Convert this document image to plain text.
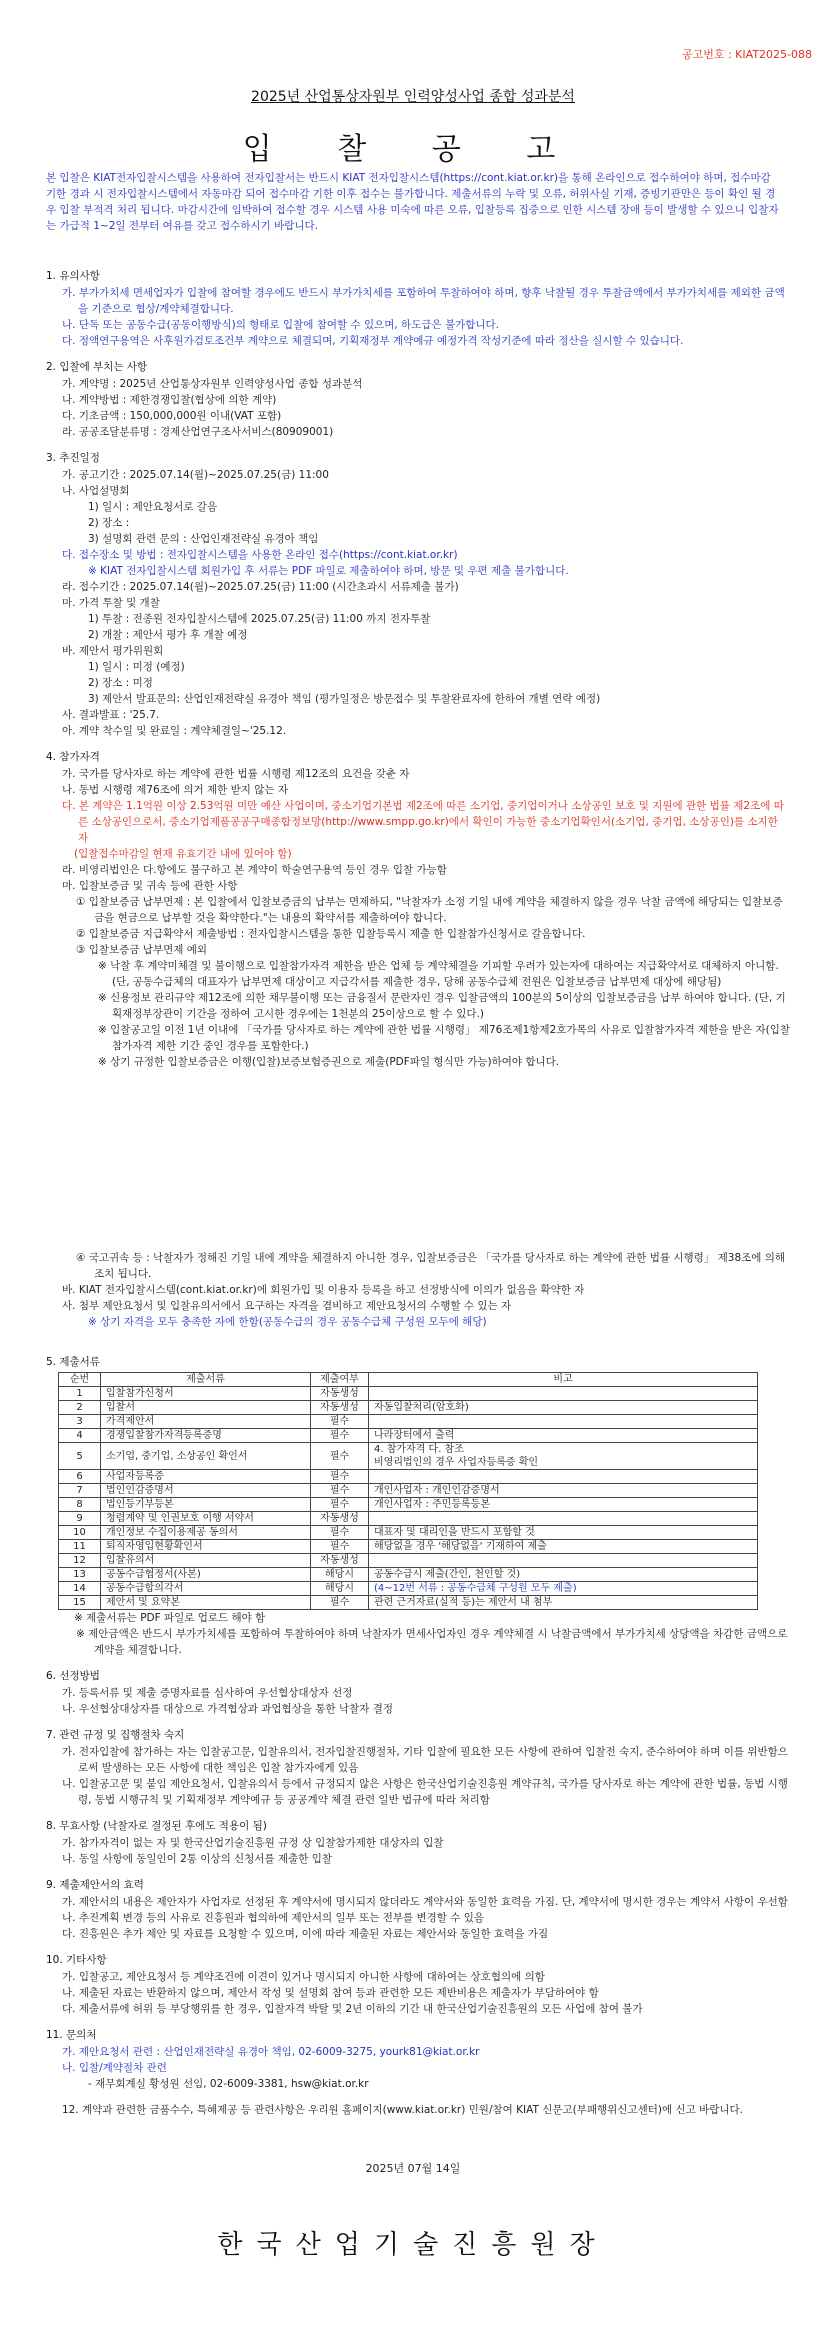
공고번호 : KIAT2025-088
2025년 산업통상자원부 인력양성사업 종합 성과분석
입 찰 공 고
본 입찰은 KIAT전자입찰시스템을 사용하여 전자입찰서는 반드시 KIAT 전자입찰시스템(https://cont.kiat.or.kr)을 통해 온라인으로 접수하여야 하며, 접수마감 기한 경과 시 전자입찰시스템에서 자동마감 되어 접수마감 기한 이후 접수는 불가합니다. 제출서류의 누락 및 오류, 허위사실 기재, 증빙기관만은 등이 확인 될 경우 입찰 부적격 처리 됩니다. 마감시간에 임박하여 접수할 경우 시스템 사용 미숙에 따른 오류, 입찰등록 집중으로 인한 시스템 장애 등이 발생할 수 있으니 입찰자는 가급적 1~2일 전부터 여유를 갖고 접수하시기 바랍니다.
1. 유의사항
가. 부가가치세 면세업자가 입찰에 참여할 경우에도 반드시 부가가치세를 포함하여 투찰하여야 하며, 향후 낙찰될 경우 투찰금액에서 부가가치세를 제외한 금액을 기준으로 협상/계약체결합니다.
나. 단독 또는 공동수급(공동이행방식)의 형태로 입찰에 참여할 수 있으며, 하도급은 불가합니다.
다. 정액연구용역은 사후원가검토조건부 계약으로 체결되며, 기획재정부 계약예규 예정가격 작성기준에 따라 정산을 실시할 수 있습니다.
2. 입찰에 부치는 사항
가. 계약명 : 2025년 산업통상자원부 인력양성사업 종합 성과분석
나. 계약방법 : 제한경쟁입찰(협상에 의한 계약)
다. 기초금액 : 150,000,000원 이내(VAT 포함)
라. 공공조달분류명 : 경제산업연구조사서비스(80909001)
3. 추진일정
가. 공고기간 : 2025.07.14(월)~2025.07.25(금) 11:00
나. 사업설명회
1) 일시 : 제안요청서로 갈음
2) 장소 :
3) 설명회 관련 문의 : 산업인재전략실 유경아 책임
다. 접수장소 및 방법 : 전자입찰시스템을 사용한 온라인 접수(https://cont.kiat.or.kr)
※ KIAT 전자입찰시스템 회원가입 후 서류는 PDF 파일로 제출하여야 하며, 방문 및 우편 제출 불가합니다.
라. 접수기간 : 2025.07.14(월)~2025.07.25(금) 11:00 (시간초과시 서류제출 불가)
마. 가격 투찰 및 개찰
1) 투찰 : 전종원 전자입찰시스템에 2025.07.25(금) 11:00 까지 전자투찰
2) 개찰 : 제안서 평가 후 개찰 예정
바. 제안서 평가위원회
1) 일시 : 미정 (예정)
2) 장소 : 미정
3) 제안서 발표문의: 산업인재전략실 유경아 책임 (평가일정은 방문접수 및 투찰완료자에 한하여 개별 연락 예정)
사. 결과발표 : '25.7.
아. 계약 착수일 및 완료일 : 계약체결일~'25.12.
4. 참가자격
가. 국가를 당사자로 하는 계약에 관한 법률 시행령 제12조의 요건을 갖춘 자
나. 동법 시행령 제76조에 의거 제한 받지 않는 자
다. 본 계약은 1.1억원 이상 2.53억원 미만 예산 사업이며, 중소기업기본법 제2조에 따른 소기업, 중기업이거나 소상공인 보호 및 지원에 관한 법률 제2조에 따른 소상공인으로서, 중소기업제품공공구매종합정보망(http://www.smpp.go.kr)에서 확인이 가능한 중소기업확인서(소기업, 중기업, 소상공인)를 소지한 자
(입찰접수마감일 현재 유효기간 내에 있어야 함)
라. 비영리법인은 다.항에도 불구하고 본 계약이 학술연구용역 등인 경우 입찰 가능함
마. 입찰보증금 및 귀속 등에 관한 사항
① 입찰보증금 납부면제 : 본 입찰에서 입찰보증금의 납부는 면제하되, "낙찰자가 소정 기일 내에 계약을 체결하지 않을 경우 낙찰 금액에 해당되는 입찰보증금을 현금으로 납부할 것을 확약한다."는 내용의 확약서를 제출하여야 합니다.
② 입찰보증금 지급확약서 제출방법 : 전자입찰시스템을 통한 입찰등록시 제출 한 입찰참가신청서로 갈음합니다.
③ 입찰보증금 납부면제 예외
※ 낙찰 후 계약미체결 및 불이행으로 입찰참가자격 제한을 받은 업체 등 계약체결을 기피할 우려가 있는자에 대하여는 지급확약서로 대체하지 아니함. (단, 공동수급체의 대표자가 납부면제 대상이고 지급각서를 제출한 경우, 당해 공동수급체 전원은 입찰보증금 납부면제 대상에 해당됨)
※ 신용정보 관리규약 제12조에 의한 채무불이행 또는 금융질서 문란자인 경우 입찰금액의 100분의 5이상의 입찰보증금을 납부 하여야 합니다. (단, 기획재정부장관이 기간을 정하여 고시한 경우에는 1천분의 25이상으로 할 수 있다.)
※ 입찰공고일 이전 1년 이내에 「국가를 당사자로 하는 계약에 관한 법률 시행령」 제76조제1항제2호가목의 사유로 입찰참가자격 제한을 받은 자(입찰참가자격 제한 기간 중인 경우를 포함한다.)
※ 상기 규정한 입찰보증금은 이행(입찰)보증보험증권으로 제출(PDF파일 형식만 가능)하여야 합니다.
④ 국고귀속 등 : 낙찰자가 정해진 기일 내에 계약을 체결하지 아니한 경우, 입찰보증금은 「국가를 당사자로 하는 계약에 관한 법률 시행령」 제38조에 의해 조치 됩니다.
바. KIAT 전자입찰시스템(cont.kiat.or.kr)에 회원가입 및 이용자 등록을 하고 선정방식에 이의가 없음을 확약한 자
사. 첨부 제안요청서 및 입찰유의서에서 요구하는 자격을 겸비하고 제안요청서의 수행할 수 있는 자
※ 상기 자격을 모두 충족한 자에 한함(공동수급의 경우 공동수급체 구성원 모두에 해당)
5. 제출서류
순번	제출서류	제출여부	비고
1	입찰참가신청서	자동생성	
2	입찰서	자동생성	자동입찰처리(암호화)
3	가격제안서	필수	
4	경쟁입찰참가자격등록증명	필수	나라장터에서 출력
5	소기업, 중기업, 소상공인 확인서	필수	4. 참가자격 다. 참조
비영리법인의 경우 사업자등록증 확인

6	사업자등록증	필수	
7	법인인감증명서	필수	개인사업자 : 개인인감증명서
8	법인등기부등본	필수	개인사업자 : 주민등록등본
9	청렴계약 및 인권보호 이행 서약서	자동생성	
10	개인정보 수집이용제공 동의서	필수	대표자 및 대리인을 반드시 포함할 것
11	퇴직자영입현황확인서	필수	해당없을 경우 '해당없음' 기재하여 제출
12	입찰유의서	자동생성	
13	공동수급협정서(사본)	해당시	공동수급시 제출(간인, 천인할 것)
14	공동수급합의각서	해당시	(4~12번 서류 : 공동수급체 구성원 모두 제출)
15	제안서 및 요약본	필수	관련 근거자료(실적 등)는 제안서 내 첨부
※ 제출서류는 PDF 파일로 업로드 해야 함
※ 제안금액은 반드시 부가가치세를 포함하여 투찰하여야 하며 낙찰자가 면세사업자인 경우 계약체결 시 낙찰금액에서 부가가치세 상당액을 차감한 금액으로 계약을 체결합니다.
6. 선정방법
가. 등록서류 및 제출 증명자료를 심사하여 우선협상대상자 선정
나. 우선협상대상자를 대상으로 가격협상과 과업협상을 통한 낙찰자 결정
7. 관련 규정 및 집행절차 숙지
가. 전자입찰에 참가하는 자는 입찰공고문, 입찰유의서, 전자입찰진행절차, 기타 입찰에 필요한 모든 사항에 관하여 입찰전 숙지, 준수하여야 하며 이를 위반함으로써 발생하는 모든 사항에 대한 책임은 입찰 참가자에게 있음
나. 입찰공고문 및 붙임 제안요청서, 입찰유의서 등에서 규정되지 않은 사항은 한국산업기술진흥원 계약규칙, 국가를 당사자로 하는 계약에 관한 법률, 동법 시행령, 동법 시행규칙 및 기획재정부 계약예규 등 공공계약 체결 관련 일반 법규에 따라 처리함
8. 무효사항 (낙찰자로 결정된 후에도 적용이 됨)
가. 참가자격이 없는 자 및 한국산업기술진흥원 규정 상 입찰참가제한 대상자의 입찰
나. 동일 사항에 동일인이 2통 이상의 신청서를 제출한 입찰
9. 제출제안서의 효력
가. 제안서의 내용은 제안자가 사업자로 선정된 후 계약서에 명시되지 않더라도 계약서와 동일한 효력을 가짐. 단, 계약서에 명시한 경우는 계약서 사항이 우선함
나. 추진계획 변경 등의 사유로 진흥원과 협의하에 제안서의 일부 또는 전부를 변경할 수 있음
다. 진흥원은 추가 제안 및 자료를 요청할 수 있으며, 이에 따라 제출된 자료는 제안서와 동일한 효력을 가짐
10. 기타사항
가. 입찰공고, 제안요청서 등 계약조건에 이견이 있거나 명시되지 아니한 사항에 대하여는 상호협의에 의함
나. 제출된 자료는 반환하지 않으며, 제안서 작성 및 설명회 참여 등과 관련한 모든 제반비용은 제출자가 부담하여야 함
다. 제출서류에 허위 등 부당행위를 한 경우, 입찰자격 박탈 및 2년 이하의 기간 내 한국산업기술진흥원의 모든 사업에 참여 불가
11. 문의처
가. 제안요청서 관련 : 산업인재전략실 유경아 책임, 02-6009-3275, yourk81@kiat.or.kr
나. 입찰/계약절차 관련
- 재무회계실 황성원 선임, 02-6009-3381, hsw@kiat.or.kr
12. 계약과 관련한 금품수수, 특혜제공 등 관련사항은 우리원 홈페이지(www.kiat.or.kr) 민원/참여 KIAT 신문고(부패행위신고센터)에 신고 바랍니다.
2025년 07월 14일
한국산업기술진흥원장
